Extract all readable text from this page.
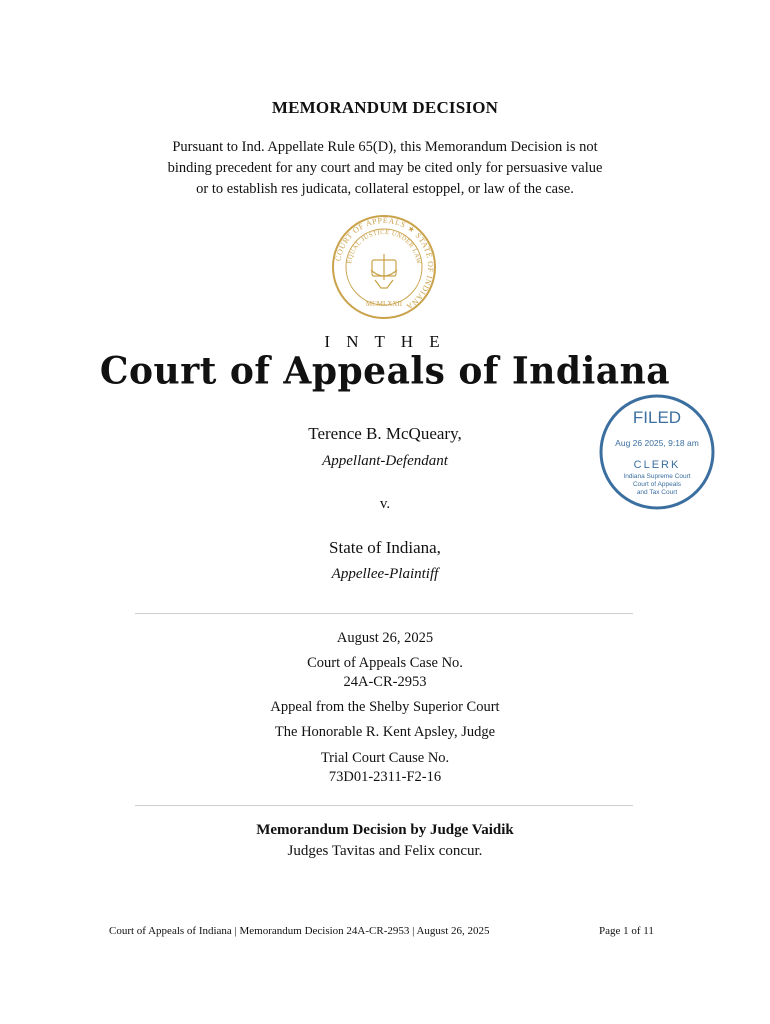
MEMORANDUM DECISION
Pursuant to Ind. Appellate Rule 65(D), this Memorandum Decision is not
binding precedent for any court and may be cited only for persuasive value
or to establish res judicata, collateral estoppel, or law of the case.
COURT OF APPEALS ★ STATE OF INDIANA
EQUAL JUSTICE UNDER LAW
MCMLXXII
I N T H E
Court of Appeals of Indiana
Terence B. McQueary,
Appellant-Defendant
v.
State of Indiana,
Appellee-Plaintiff
August 26, 2025
Court of Appeals Case No.
24A-CR-2953
Appeal from the Shelby Superior Court
The Honorable R. Kent Apsley, Judge
Trial Court Cause No.
73D01-2311-F2-16
Memorandum Decision by Judge Vaidik
Judges Tavitas and Felix concur.
Court of Appeals of Indiana | Memorandum Decision 24A-CR-2953 | August 26, 2025	Page 1 of 11
FILED
Aug 26 2025, 9:18 am
CLERK
Indiana Supreme Court
Court of Appeals
and Tax Court
